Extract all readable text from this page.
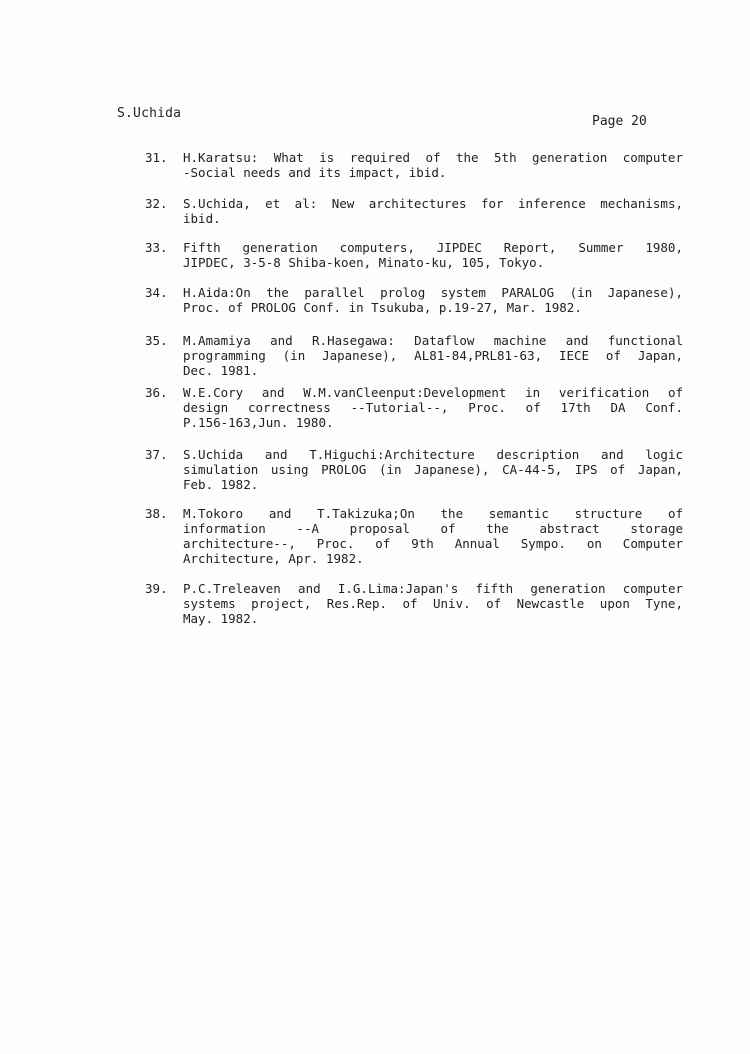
S.Uchida
Page 20
31. H.Karatsu: What is required of the 5th generation computer
-Social needs and its impact, ibid.
32. S.Uchida, et al: New architectures for inference mechanisms,
ibid.
33. Fifth generation computers, JIPDEC Report, Summer 1980,
JIPDEC, 3-5-8 Shiba-koen, Minato-ku, 105, Tokyo.
34. H.Aida:On the parallel prolog system PARALOG (in Japanese),
Proc. of PROLOG Conf. in Tsukuba, p.19-27, Mar. 1982.
35. M.Amamiya and R.Hasegawa: Dataflow machine and functional
programming (in Japanese), AL81-84,PRL81-63, IECE of Japan,
Dec. 1981.
36. W.E.Cory and W.M.vanCleenput:Development in verification of
design correctness --Tutorial--, Proc. of 17th DA Conf.
P.156-163,Jun. 1980.
37. S.Uchida and T.Higuchi:Architecture description and logic
simulation using PROLOG (in Japanese), CA-44-5, IPS of Japan,
Feb. 1982.
38. M.Tokoro and T.Takizuka;On the semantic structure of
information --A proposal of the abstract storage
architecture--, Proc. of 9th Annual Sympo. on Computer
Architecture, Apr. 1982.
39. P.C.Treleaven and I.G.Lima:Japan's fifth generation computer
systems project, Res.Rep. of Univ. of Newcastle upon Tyne,
May. 1982.
